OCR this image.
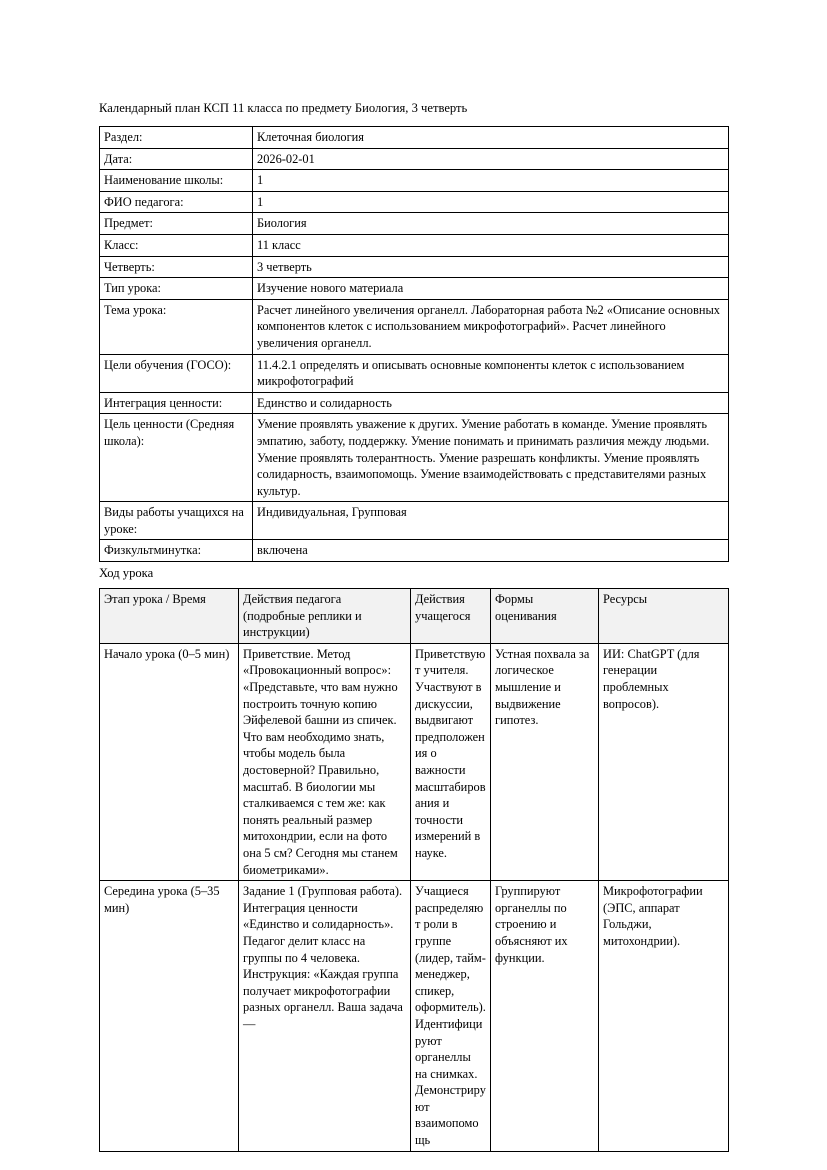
Календарный план КСП 11 класса по предмету Биология, 3 четверть

Раздел:	Клеточная биология
Дата:	2026-02-01
Наименование школы:	1
ФИО педагога:	1
Предмет:	Биология
Класс:	11 класс
Четверть:	3 четверть
Тип урока:	Изучение нового материала
Тема урока:	Расчет линейного увеличения органелл. Лабораторная работа №2 «Описание основных компонентов клеток с использованием микрофотографий». Расчет линейного увеличения органелл.
Цели обучения (ГОСО):	11.4.2.1 определять и описывать основные компоненты клеток с использованием микрофотографий
Интеграция ценности:	Единство и солидарность
Цель ценности (Средняя школа):	Умение проявлять уважение к других. Умение работать в команде. Умение проявлять эмпатию, заботу, поддержку. Умение понимать и принимать различия между людьми. Умение проявлять толерантность. Умение разрешать конфликты. Умение проявлять солидарность, взаимопомощь. Умение взаимодействовать с представителями разных культур.
Виды работы учащихся на уроке:	Индивидуальная, Групповая
Физкультминутка:	включена

Ход урока

Этап урока / Время	Действия педагога (подробные реплики и инструкции)	Действия учащегося	Формы оценивания	Ресурсы
Начало урока (0–5 мин)	Приветствие. Метод «Провокационный вопрос»: «Представьте, что вам нужно построить точную копию Эйфелевой башни из спичек. Что вам необходимо знать, чтобы модель была достоверной? Правильно, масштаб. В биологии мы сталкиваемся с тем же: как понять реальный размер митохондрии, если на фото она 5 см? Сегодня мы станем биометриками».	Приветствуют учителя. Участвуют в дискуссии, выдвигают предположения о важности масштабирования и точности измерений в науке.	Устная похвала за логическое мышление и выдвижение гипотез.	ИИ: ChatGPT (для генерации проблемных вопросов).
Середина урока (5–35 мин)	Задание 1 (Групповая работа). Интеграция ценности «Единство и солидарность». Педагог делит класс на группы по 4 человека. Инструкция: «Каждая группа получает микрофотографии разных органелл. Ваша задача —	Учащиеся распределяют роли в группе (лидер, тайм-менеджер, спикер, оформитель). Идентифицируют органеллы на снимках. Демонстрируют взаимопомощь	Группируют органеллы по строению и объясняют их функции.	Микрофотографии (ЭПС, аппарат Гольджи, митохондрии).
